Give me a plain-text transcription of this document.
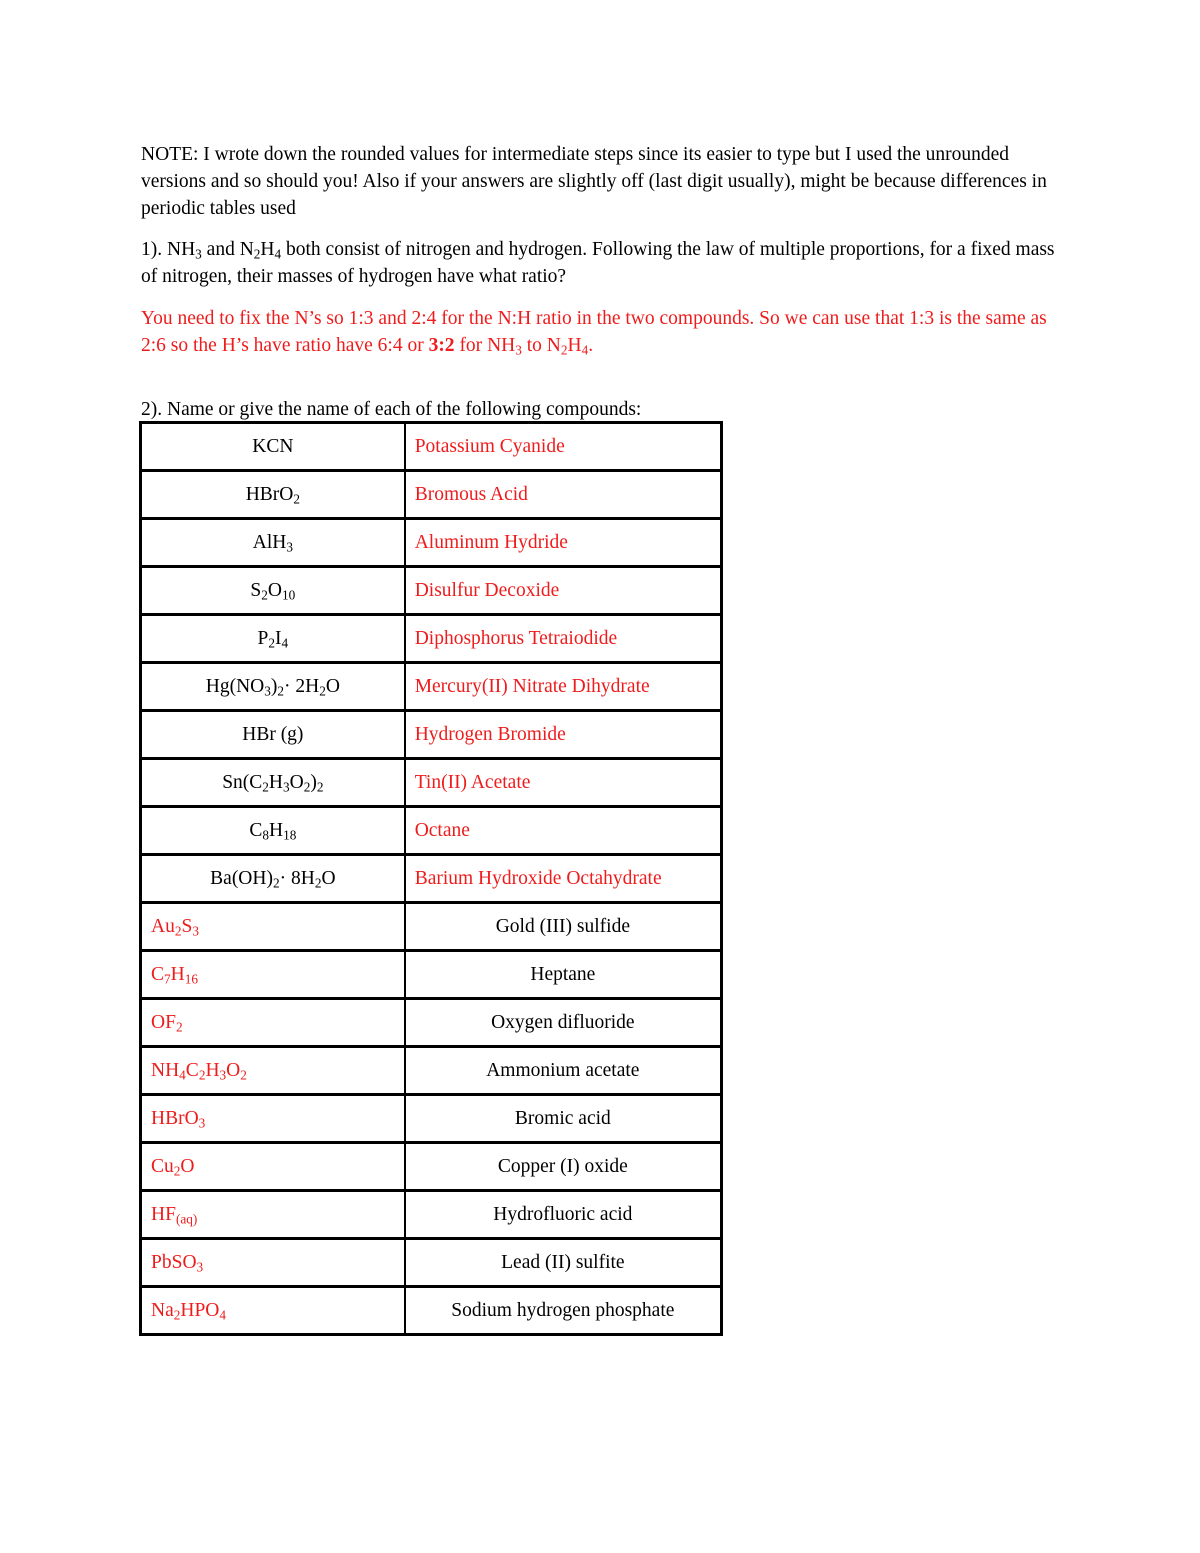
NOTE: I wrote down the rounded values for intermediate steps since its easier to type but I used the unrounded versions and so should you! Also if your answers are slightly off (last digit usually), might be because differences in periodic tables used

1). $NH_3$ and $N_2H_4$ both consist of nitrogen and hydrogen. Following the law of multiple proportions, for a fixed mass of nitrogen, their masses of hydrogen have what ratio?

You need to fix the N’s so 1:3 and 2:4 for the N:H ratio in the two compounds. So we can use that 1:3 is the same as 2:6 so the H’s have ratio have 6:4 or 3:2 for $NH_3$ to $N_2H_4$.

2). Name or give the name of each of the following compounds:

KCN	Potassium Cyanide
HBrO$_2$	Bromous Acid
AlH$_3$	Aluminum Hydride
$S_2O_{10}$	Disulfur Decoxide
$P_2I_4$	Diphosphorus Tetraiodide
$Hg(NO_3)_2\cdot 2H_2O$	Mercury(II) Nitrate Dihydrate
HBr (g)	Hydrogen Bromide
$Sn(C_2H_3O_2)_2$	Tin(II) Acetate
$C_8H_{18}$	Octane
$Ba(OH)_2\cdot 8H_2O$	Barium Hydroxide Octahydrate
$Au_2S_3$	Gold (III) sulfide
$C_7H_{16}$	Heptane
$OF_2$	Oxygen difluoride
$NH_4C_2H_3O_2$	Ammonium acetate
HBrO$_3$	Bromic acid
$Cu_2O$	Copper (I) oxide
$HF_{(aq)}$	Hydrofluoric acid
PbSO$_3$	Lead (II) sulfite
$Na_2HPO_4$	Sodium hydrogen phosphate
